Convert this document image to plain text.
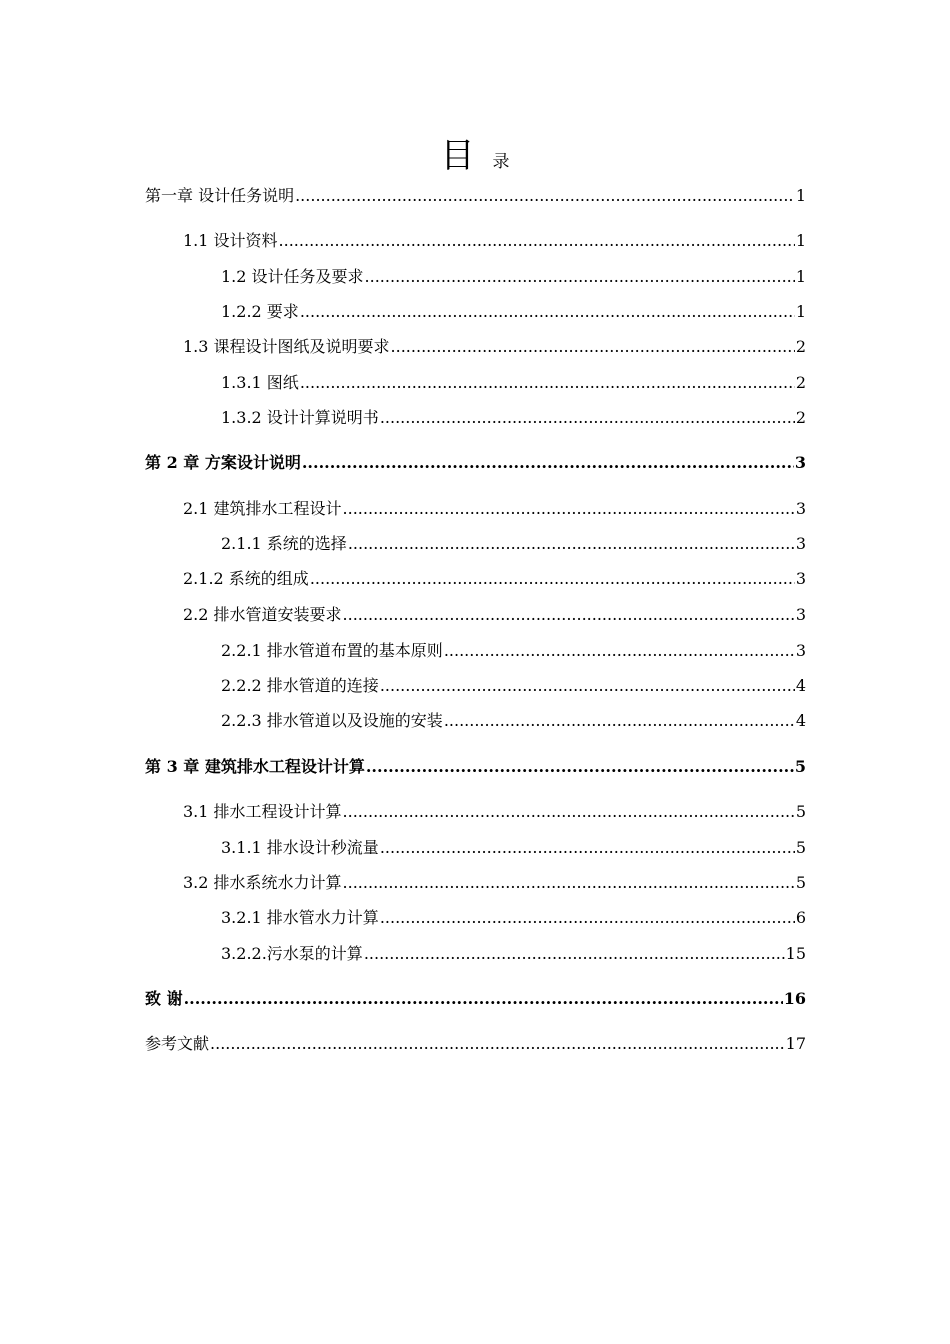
目 录
第一章 设计任务说明 .....	1
1.1 设计资料 .....	1
1.2 设计任务及要求 .....	1
1.2.2 要求 .....	1
1.3 课程设计图纸及说明要求 .....	2
1.3.1 图纸 .....	2
1.3.2 设计计算说明书 .....	2
第 2 章 方案设计说明 .....	3
2.1 建筑排水工程设计 .....	3
2.1.1 系统的选择 .....	3
2.1.2 系统的组成 .....	3
2.2 排水管道安装要求 .....	3
2.2.1 排水管道布置的基本原则 .....	3
2.2.2 排水管道的连接 .....	4
2.2.3 排水管道以及设施的安装 .....	4
第 3 章 建筑排水工程设计计算 .....	5
3.1 排水工程设计计算 .....	5
3.1.1 排水设计秒流量 .....	5
3.2 排水系统水力计算 .....	5
3.2.1 排水管水力计算 .....	6
3.2.2.污水泵的计算 .....	15
致 谢 .....	16
参考文献 .....	17
